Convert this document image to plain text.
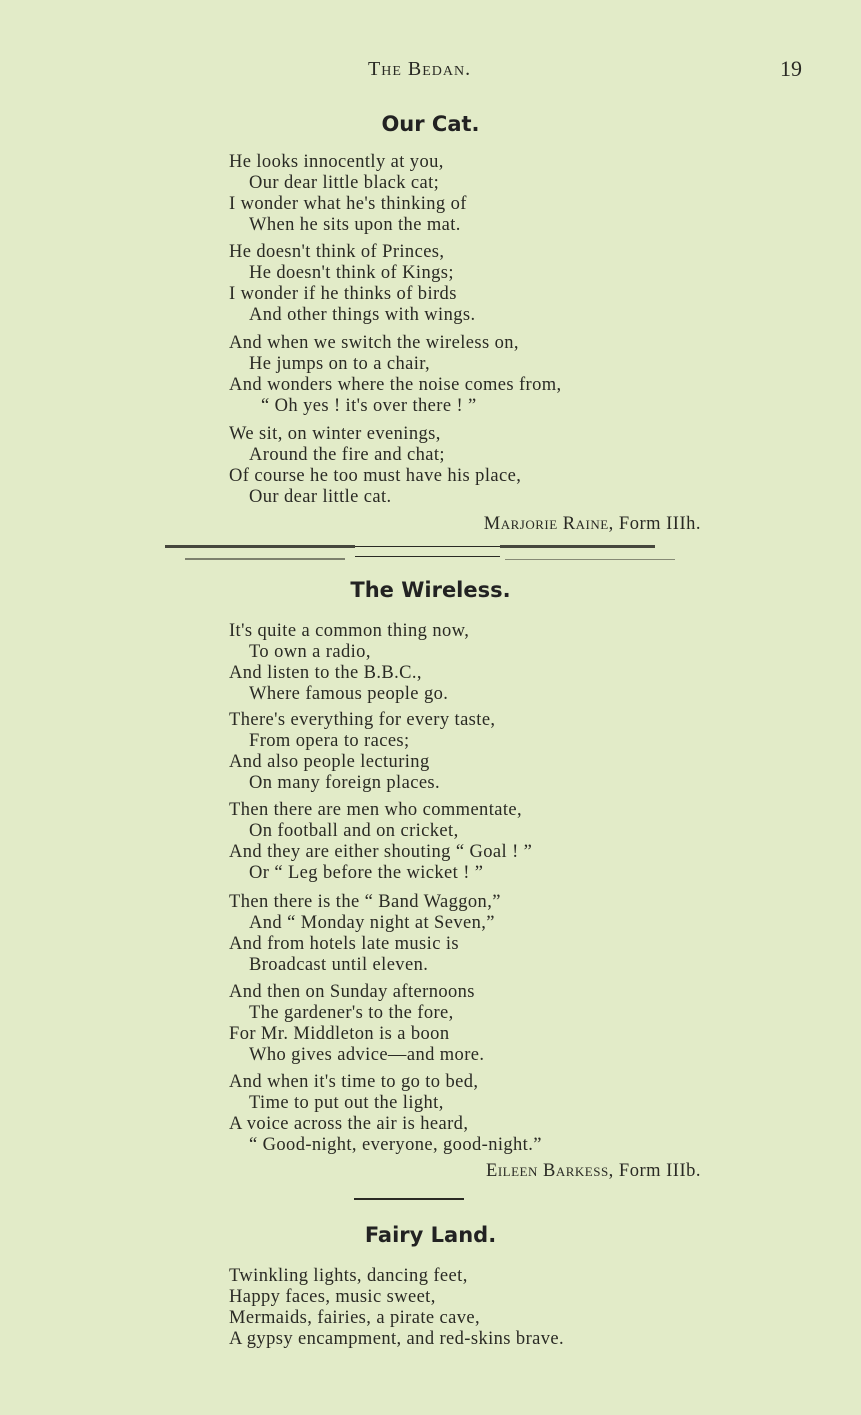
The Bedan.	19
Our Cat.
He looks innocently at you,
Our dear little black cat;
I wonder what he's thinking of
When he sits upon the mat.
He doesn't think of Princes,
He doesn't think of Kings;
I wonder if he thinks of birds
And other things with wings.
And when we switch the wireless on,
He jumps on to a chair,
And wonders where the noise comes from,
“ Oh yes ! it's over there ! ”
We sit, on winter evenings,
Around the fire and chat;
Of course he too must have his place,
Our dear little cat.
Marjorie Raine, Form IIIh.
The Wireless.
It's quite a common thing now,
To own a radio,
And listen to the B.B.C.,
Where famous people go.
There's everything for every taste,
From opera to races;
And also people lecturing
On many foreign places.
Then there are men who commentate,
On football and on cricket,
And they are either shouting “ Goal ! ”
Or “ Leg before the wicket ! ”
Then there is the “ Band Waggon,”
And “ Monday night at Seven,”
And from hotels late music is
Broadcast until eleven.
And then on Sunday afternoons
The gardener's to the fore,
For Mr. Middleton is a boon
Who gives advice—and more.
And when it's time to go to bed,
Time to put out the light,
A voice across the air is heard,
“ Good-night, everyone, good-night.”
Eileen Barkess, Form IIIb.
Fairy Land.
Twinkling lights, dancing feet,
Happy faces, music sweet,
Mermaids, fairies, a pirate cave,
A gypsy encampment, and red-skins brave.
